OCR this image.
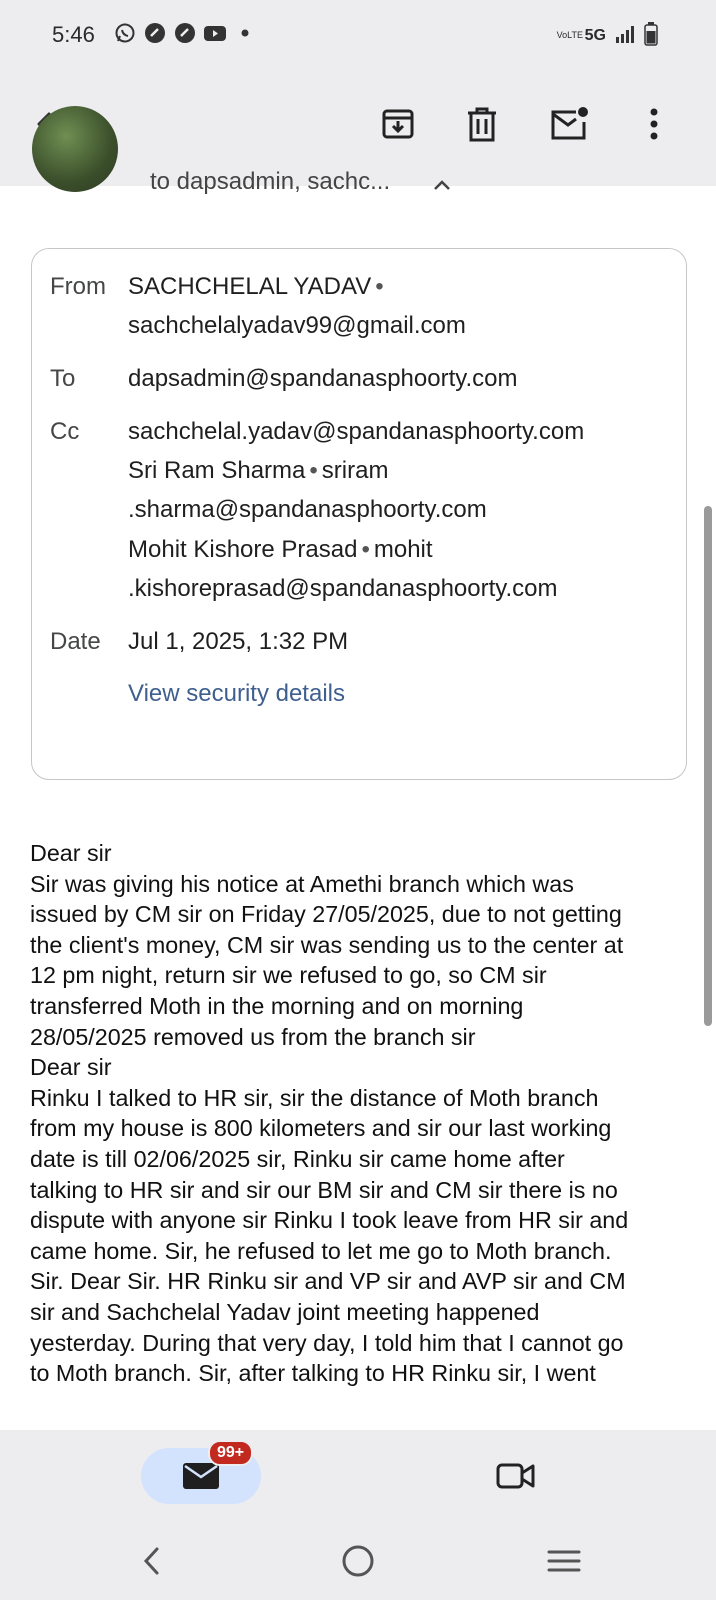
5:46	VoLTE 5G
to dapsadmin, sachc...
From SACHCHELAL YADAV •
sachchelalyadav99@gmail.com
To dapsadmin@spandanasphoorty.com
Cc sachchelal.yadav@spandanasphoorty.com
Sri Ram Sharma • sriram
.sharma@spandanasphoorty.com
Mohit Kishore Prasad • mohit
.kishoreprasad@spandanasphoorty.com
Date Jul 1, 2025, 1:32 PM
View security details

Dear sir

Sir was giving his notice at Amethi branch which was

issued by CM sir on Friday 27/05/2025, due to not getting

the client's money, CM sir was sending us to the center at

12 pm night, return sir we refused to go, so CM sir

transferred Moth in the morning and on morning

28/05/2025 removed us from the branch sir

Dear sir

Rinku I talked to HR sir, sir the distance of Moth branch

from my house is 800 kilometers and sir our last working

date is till 02/06/2025 sir, Rinku sir came home after

talking to HR sir and sir our BM sir and CM sir there is no

dispute with anyone sir Rinku I took leave from HR sir and

came home. Sir, he refused to let me go to Moth branch.

Sir. Dear Sir. HR Rinku sir and VP sir and AVP sir and CM

sir and Sachchelal Yadav joint meeting happened

yesterday. During that very day, I told him that I cannot go

to Moth branch. Sir, after talking to HR Rinku sir, I went

99+
